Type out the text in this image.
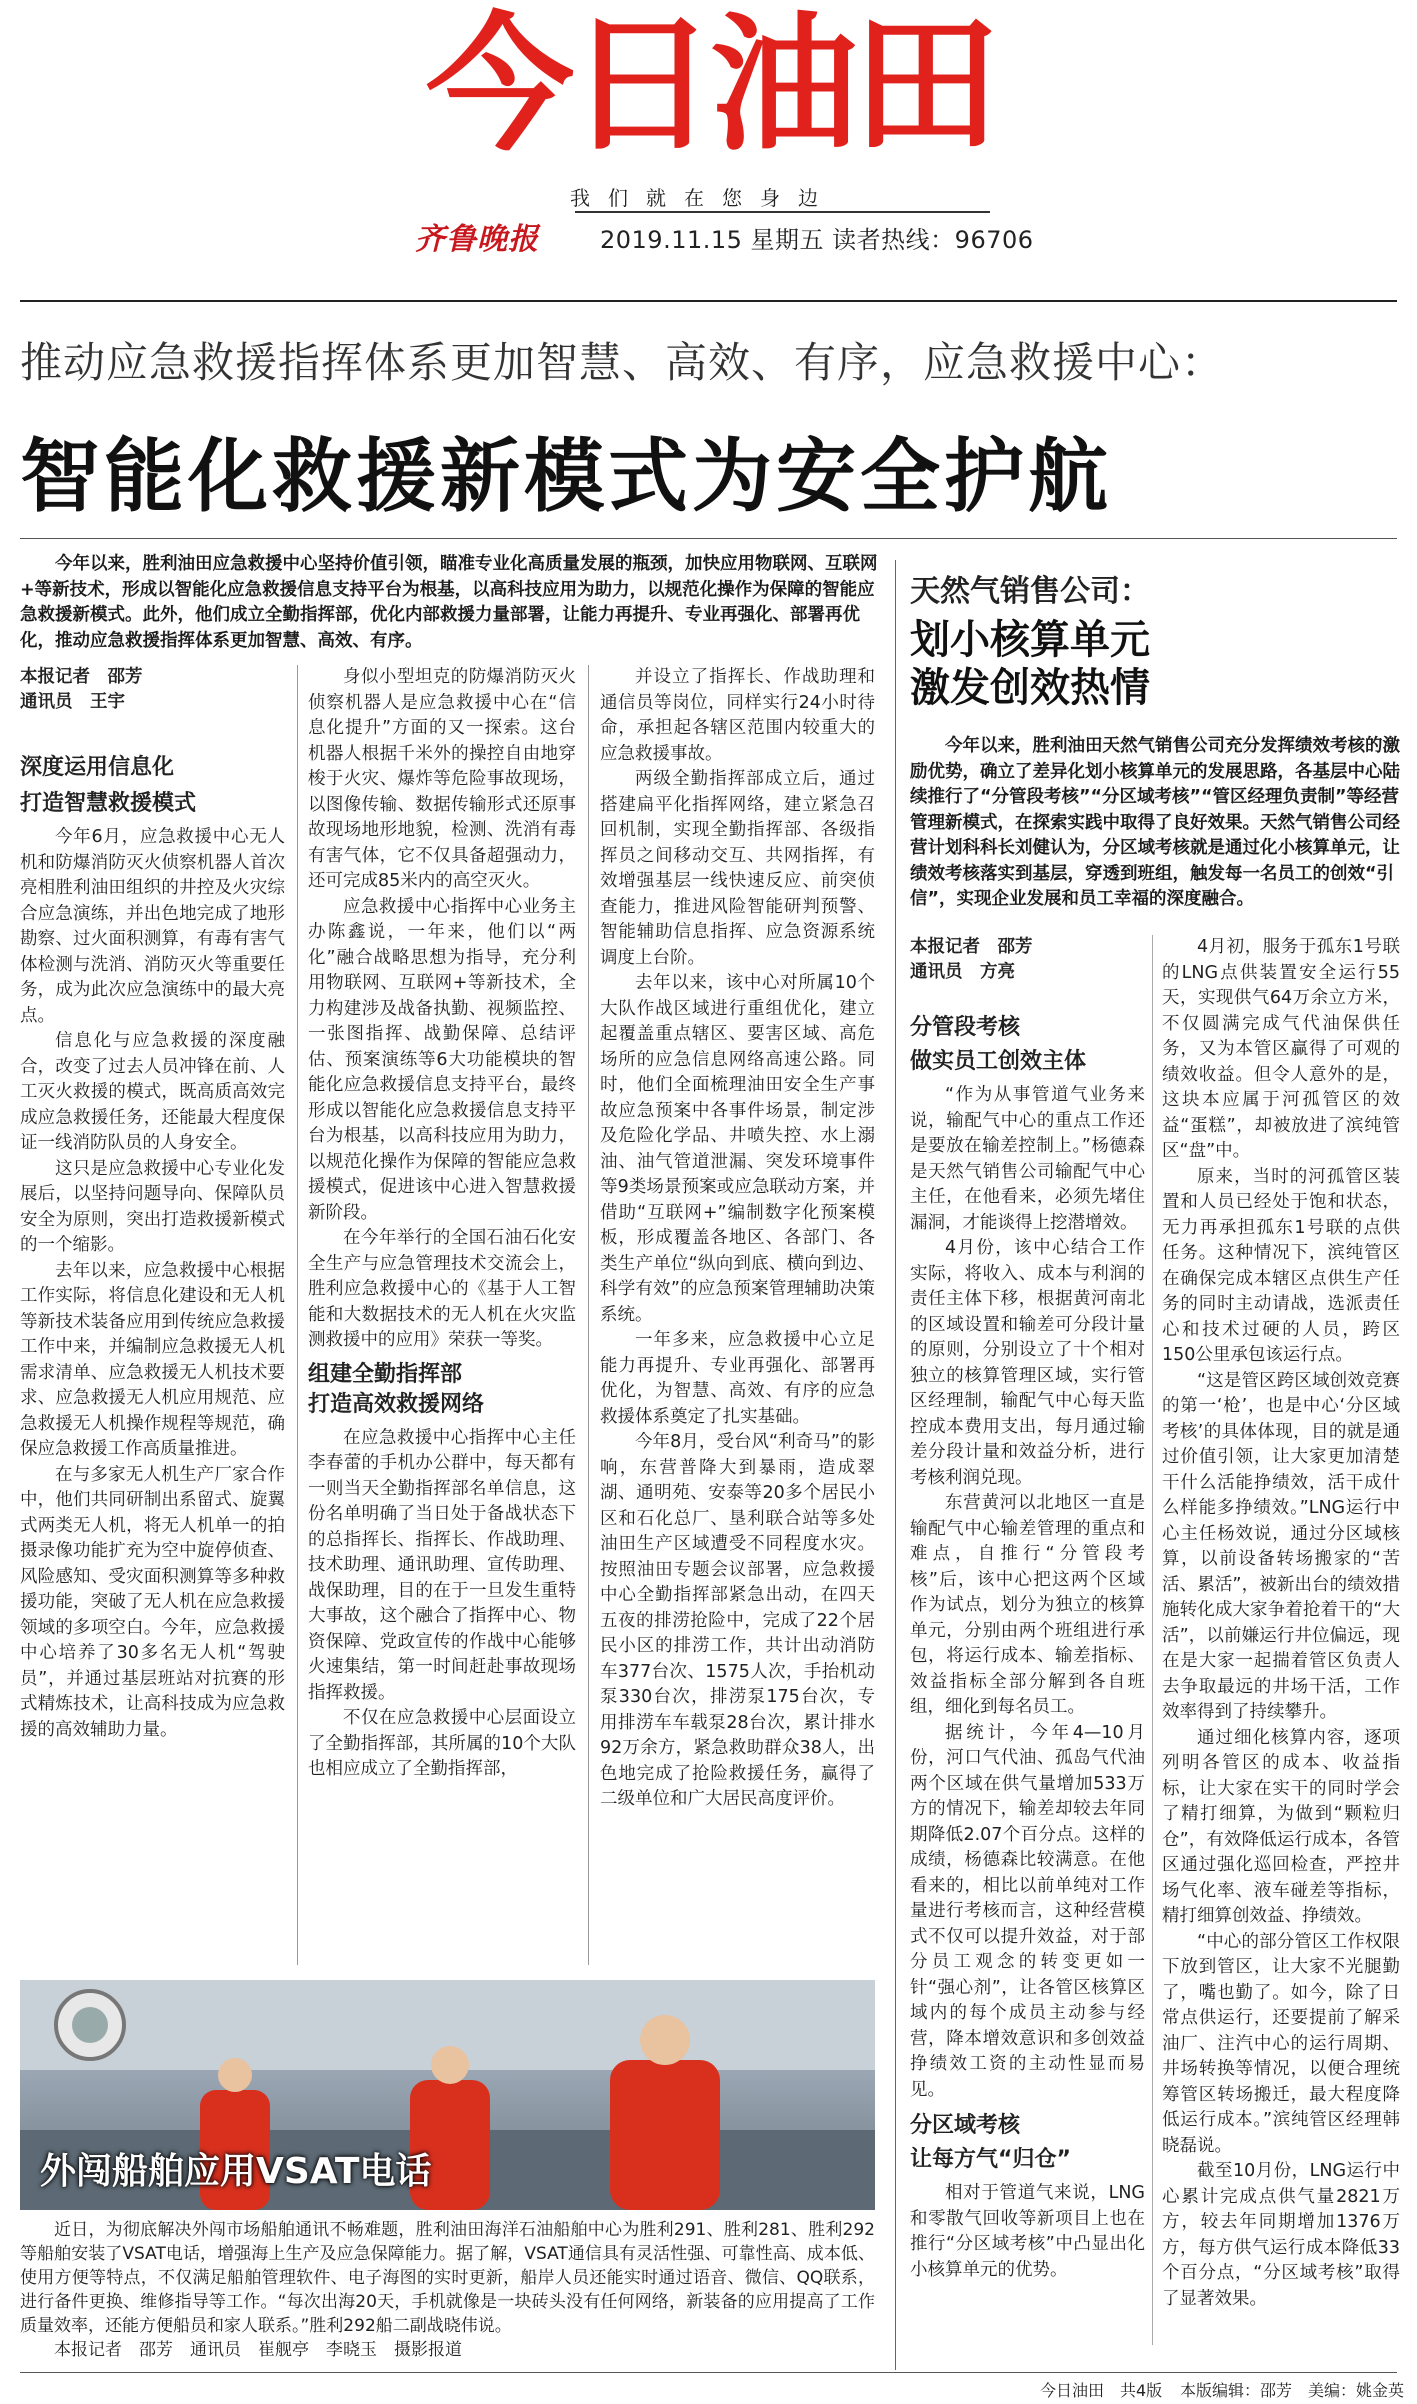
今日油田
我们就在您身边
齐鲁晚报	2019.11.15 星期五 读者热线：96706
推动应急救援指挥体系更加智慧、高效、有序，应急救援中心：
智能化救援新模式为安全护航

今年以来，胜利油田应急救援中心坚持价值引领，瞄准专业化高质量发展的瓶颈，加快应用物联网、互联网+等新技术，形成以智能化应急救援信息支持平台为根基，以高科技应用为助力，以规范化操作为保障的智能应急救援新模式。此外，他们成立全勤指挥部，优化内部救援力量部署，让能力再提升、专业再强化、部署再优化，推动应急救援指挥体系更加智慧、高效、有序。

本报记者　邵芳
通讯员　王宇
深度运用信息化
打造智慧救援模式

今年6月，应急救援中心无人机和防爆消防灭火侦察机器人首次亮相胜利油田组织的井控及火灾综合应急演练，并出色地完成了地形勘察、过火面积测算，有毒有害气体检测与洗消、消防灭火等重要任务，成为此次应急演练中的最大亮点。

信息化与应急救援的深度融合，改变了过去人员冲锋在前、人工灭火救援的模式，既高质高效完成应急救援任务，还能最大程度保证一线消防队员的人身安全。

这只是应急救援中心专业化发展后，以坚持问题导向、保障队员安全为原则，突出打造救援新模式的一个缩影。

去年以来，应急救援中心根据工作实际，将信息化建设和无人机等新技术装备应用到传统应急救援工作中来，并编制应急救援无人机需求清单、应急救援无人机技术要求、应急救援无人机应用规范、应急救援无人机操作规程等规范，确保应急救援工作高质量推进。

在与多家无人机生产厂家合作中，他们共同研制出系留式、旋翼式两类无人机，将无人机单一的拍摄录像功能扩充为空中旋停侦查、风险感知、受灾面积测算等多种救援功能，突破了无人机在应急救援领域的多项空白。今年，应急救援中心培养了30多名无人机“驾驶员”，并通过基层班站对抗赛的形式精炼技术，让高科技成为应急救援的高效辅助力量。

身似小型坦克的防爆消防灭火侦察机器人是应急救援中心在“信息化提升”方面的又一探索。这台机器人根据千米外的操控自由地穿梭于火灾、爆炸等危险事故现场，以图像传输、数据传输形式还原事故现场地形地貌，检测、洗消有毒有害气体，它不仅具备超强动力，还可完成85米内的高空灭火。

应急救援中心指挥中心业务主办陈鑫说，一年来，他们以“两化”融合战略思想为指导，充分利用物联网、互联网+等新技术，全力构建涉及战备执勤、视频监控、一张图指挥、战勤保障、总结评估、预案演练等6大功能模块的智能化应急救援信息支持平台，最终形成以智能化应急救援信息支持平台为根基，以高科技应用为助力，以规范化操作为保障的智能应急救援模式，促进该中心进入智慧救援新阶段。

在今年举行的全国石油石化安全生产与应急管理技术交流会上，胜利应急救援中心的《基于人工智能和大数据技术的无人机在火灾监测救援中的应用》荣获一等奖。

组建全勤指挥部
打造高效救援网络

在应急救援中心指挥中心主任李春蕾的手机办公群中，每天都有一则当天全勤指挥部名单信息，这份名单明确了当日处于备战状态下的总指挥长、指挥长、作战助理、技术助理、通讯助理、宣传助理、战保助理，目的在于一旦发生重特大事故，这个融合了指挥中心、物资保障、党政宣传的作战中心能够火速集结，第一时间赶赴事故现场指挥救援。

不仅在应急救援中心层面设立了全勤指挥部，其所属的10个大队也相应成立了全勤指挥部，

并设立了指挥长、作战助理和通信员等岗位，同样实行24小时待命，承担起各辖区范围内较重大的应急救援事故。

两级全勤指挥部成立后，通过搭建扁平化指挥网络，建立紧急召回机制，实现全勤指挥部、各级指挥员之间移动交互、共网指挥，有效增强基层一线快速反应、前突侦查能力，推进风险智能研判预警、智能辅助信息指挥、应急资源系统调度上台阶。

去年以来，该中心对所属10个大队作战区域进行重组优化，建立起覆盖重点辖区、要害区域、高危场所的应急信息网络高速公路。同时，他们全面梳理油田安全生产事故应急预案中各事件场景，制定涉及危险化学品、井喷失控、水上溺油、油气管道泄漏、突发环境事件等9类场景预案或应急联动方案，并借助“互联网+”编制数字化预案模板，形成覆盖各地区、各部门、各类生产单位“纵向到底、横向到边、科学有效”的应急预案管理辅助决策系统。

一年多来，应急救援中心立足能力再提升、专业再强化、部署再优化，为智慧、高效、有序的应急救援体系奠定了扎实基础。

今年8月，受台风“利奇马”的影响，东营普降大到暴雨，造成翠湖、通明苑、安泰等20多个居民小区和石化总厂、垦利联合站等多处油田生产区域遭受不同程度水灾。按照油田专题会议部署，应急救援中心全勤指挥部紧急出动，在四天五夜的排涝抢险中，完成了22个居民小区的排涝工作，共计出动消防车377台次、1575人次，手抬机动泵330台次，排涝泵175台次，专用排涝车车载泵28台次，累计排水92万余方，紧急救助群众38人，出色地完成了抢险救援任务，赢得了二级单位和广大居民高度评价。

外闯船舶应用VSAT电话

近日，为彻底解决外闯市场船舶通讯不畅难题，胜利油田海洋石油船舶中心为胜利291、胜利281、胜利292等船舶安装了VSAT电话，增强海上生产及应急保障能力。据了解，VSAT通信具有灵活性强、可靠性高、成本低、使用方便等特点，不仅满足船舶管理软件、电子海图的实时更新，船岸人员还能实时通过语音、微信、QQ联系，进行备件更换、维修指导等工作。“每次出海20天，手机就像是一块砖头没有任何网络，新装备的应用提高了工作质量效率，还能方便船员和家人联系。”胜利292船二副战晓伟说。

本报记者　邵芳　通讯员　崔舰亭　李晓玉　摄影报道
天然气销售公司：
划小核算单元
激发创效热情

今年以来，胜利油田天然气销售公司充分发挥绩效考核的激励优势，确立了差异化划小核算单元的发展思路，各基层中心陆续推行了“分管段考核”“分区域考核”“管区经理负责制”等经营管理新模式，在探索实践中取得了良好效果。天然气销售公司经营计划科科长刘健认为，分区域考核就是通过化小核算单元，让绩效考核落实到基层，穿透到班组，触发每一名员工的创效“引信”，实现企业发展和员工幸福的深度融合。

本报记者　邵芳
通讯员　方亮
分管段考核
做实员工创效主体

“作为从事管道气业务来说，输配气中心的重点工作还是要放在输差控制上。”杨德森是天然气销售公司输配气中心主任，在他看来，必须先堵住漏洞，才能谈得上挖潜增效。

4月份，该中心结合工作实际，将收入、成本与利润的责任主体下移，根据黄河南北的区域设置和输差可分段计量的原则，分别设立了十个相对独立的核算管理区域，实行管区经理制，输配气中心每天监控成本费用支出，每月通过输差分段计量和效益分析，进行考核利润兑现。

东营黄河以北地区一直是输配气中心输差管理的重点和难点，自推行“分管段考核”后，该中心把这两个区域作为试点，划分为独立的核算单元，分别由两个班组进行承包，将运行成本、输差指标、效益指标全部分解到各自班组，细化到每名员工。

据统计，今年4—10月份，河口气代油、孤岛气代油两个区域在供气量增加533万方的情况下，输差却较去年同期降低2.07个百分点。这样的成绩，杨德森比较满意。在他看来的，相比以前单纯对工作量进行考核而言，这种经营模式不仅可以提升效益，对于部分员工观念的转变更如一针“强心剂”，让各管区核算区域内的每个成员主动参与经营，降本增效意识和多创效益挣绩效工资的主动性显而易见。

分区域考核
让每方气“归仓”

相对于管道气来说，LNG和零散气回收等新项目上也在推行“分区域考核”中凸显出化小核算单元的优势。

4月初，服务于孤东1号联的LNG点供装置安全运行55天，实现供气64万余立方米，不仅圆满完成气代油保供任务，又为本管区赢得了可观的绩效收益。但令人意外的是，这块本应属于河孤管区的效益“蛋糕”，却被放进了滨纯管区“盘”中。

原来，当时的河孤管区装置和人员已经处于饱和状态，无力再承担孤东1号联的点供任务。这种情况下，滨纯管区在确保完成本辖区点供生产任务的同时主动请战，选派责任心和技术过硬的人员，跨区150公里承包该运行点。

“这是管区跨区域创效竞赛的第一‘枪’，也是中心‘分区域考核’的具体体现，目的就是通过价值引领，让大家更加清楚干什么活能挣绩效，活干成什么样能多挣绩效。”LNG运行中心主任杨效说，通过分区域核算，以前设备转场搬家的“苦活、累活”，被新出台的绩效措施转化成大家争着抢着干的“大活”，以前嫌运行井位偏远，现在是大家一起揣着管区负责人去争取最远的井场干活，工作效率得到了持续攀升。

通过细化核算内容，逐项列明各管区的成本、收益指标，让大家在实干的同时学会了精打细算，为做到“颗粒归仓”，有效降低运行成本，各管区通过强化巡回检查，严控井场气化率、液车碰差等指标，精打细算创效益、挣绩效。

“中心的部分管区工作权限下放到管区，让大家不光腿勤了，嘴也勤了。如今，除了日常点供运行，还要提前了解采油厂、注汽中心的运行周期、井场转换等情况，以便合理统筹管区转场搬迁，最大程度降低运行成本。”滨纯管区经理韩晓磊说。

截至10月份，LNG运行中心累计完成点供气量2821万方，较去年同期增加1376万方，每方供气运行成本降低33个百分点，“分区域考核”取得了显著效果。

今日油田　共4版 本版编辑：邵芳　美编：姚金英
